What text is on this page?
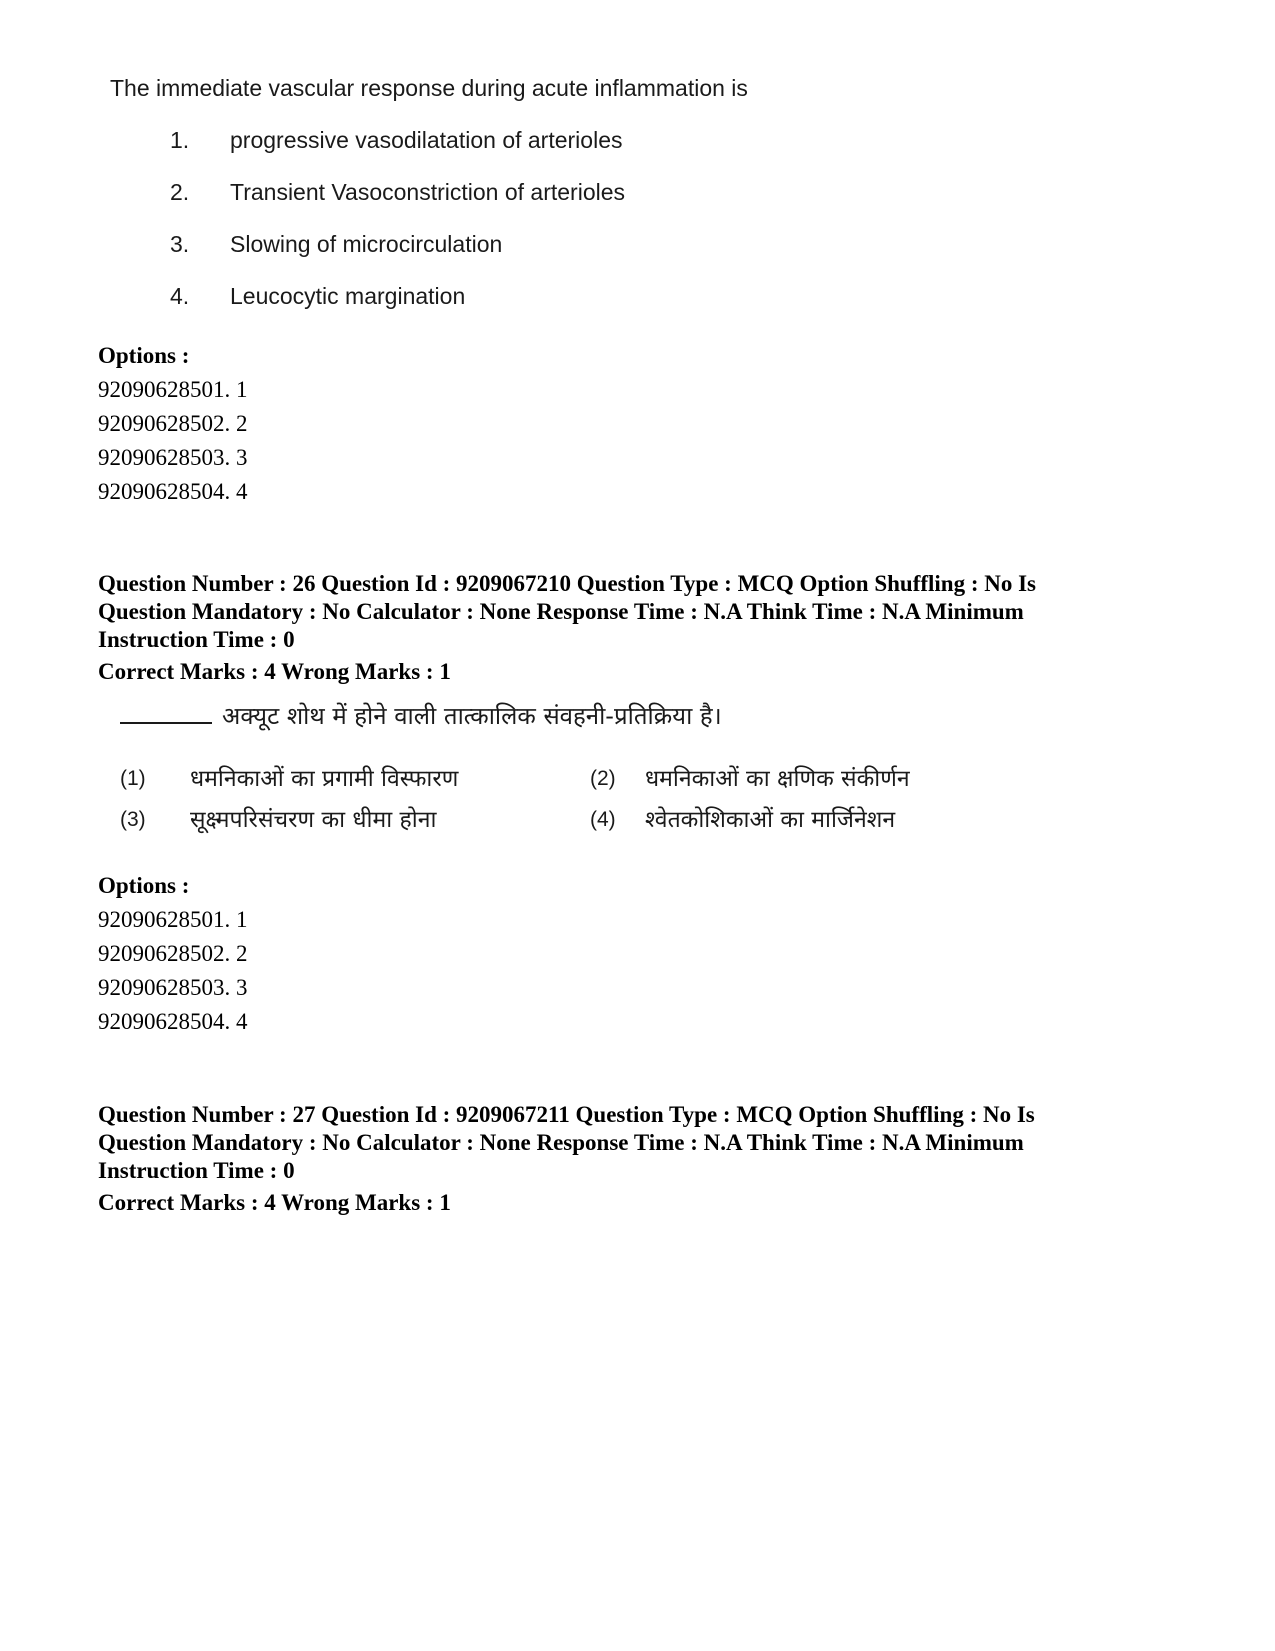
The immediate vascular response during acute inflammation is

1. progressive vasodilatation of arterioles
2. Transient Vasoconstriction of arterioles
3. Slowing of microcirculation
4. Leucocytic margination

Options :

92090628501. 1

92090628502. 2

92090628503. 3

92090628504. 4

Question Number : 26 Question Id : 9209067210 Question Type : MCQ Option Shuffling : No Is

Question Mandatory : No Calculator : None Response Time : N.A Think Time : N.A Minimum

Instruction Time : 0

Correct Marks : 4 Wrong Marks : 1

अक्यूट शोथ में होने वाली तात्कालिक संवहनी-प्रतिक्रिया है।
(1) धमनिकाओं का प्रगामी विस्फारण	(2) धमनिकाओं का क्षणिक संकीर्णन
(3) सूक्ष्मपरिसंचरण का धीमा होना	(4) श्वेतकोशिकाओं का मार्जिनेशन

Options :

92090628501. 1

92090628502. 2

92090628503. 3

92090628504. 4

Question Number : 27 Question Id : 9209067211 Question Type : MCQ Option Shuffling : No Is

Question Mandatory : No Calculator : None Response Time : N.A Think Time : N.A Minimum

Instruction Time : 0

Correct Marks : 4 Wrong Marks : 1
